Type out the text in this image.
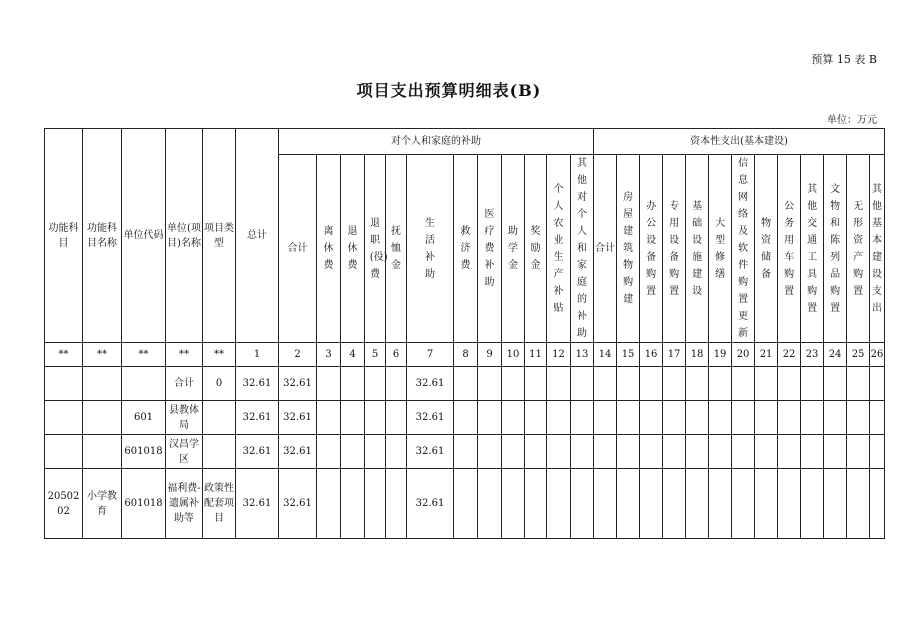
预算 15 表 B
项目支出预算明细表(B)
单位：万元
功能科目	功能科目名称	单位代码	单位(项目)名称	项目类型	总计	对个人和家庭的补助												资本性支出(基本建设)												
						合计	离休费	退休费	退职(役)费	抚恤金	生活补助	救济费	医疗费补助	助学金	奖励金	个人农业生产补贴	其他对个人和家庭的补助	合计	房屋建筑物购建	办公设备购置	专用设备购置	基础设施建设	大型修缮	信息网络及软件购置更新	物资储备	公务用车购置	其他交通工具购置	文物和陈列品购置	无形资产购置	其他基本建设支出
**	**	**	**	**	1	2	3	4	5	6	7	8	9	10	11	12	13	14	15	16	17	18	19	20	21	22	23	24	25	26
			合计	0	32.61	32.61					32.61																			
		601	县教体局		32.61	32.61					32.61																			
		601018	汉昌学区		32.61	32.61					32.61																			
2050202	小学教育	601018	福利费-遗属补助等	政策性配套项目	32.61	32.61					32.61																			
